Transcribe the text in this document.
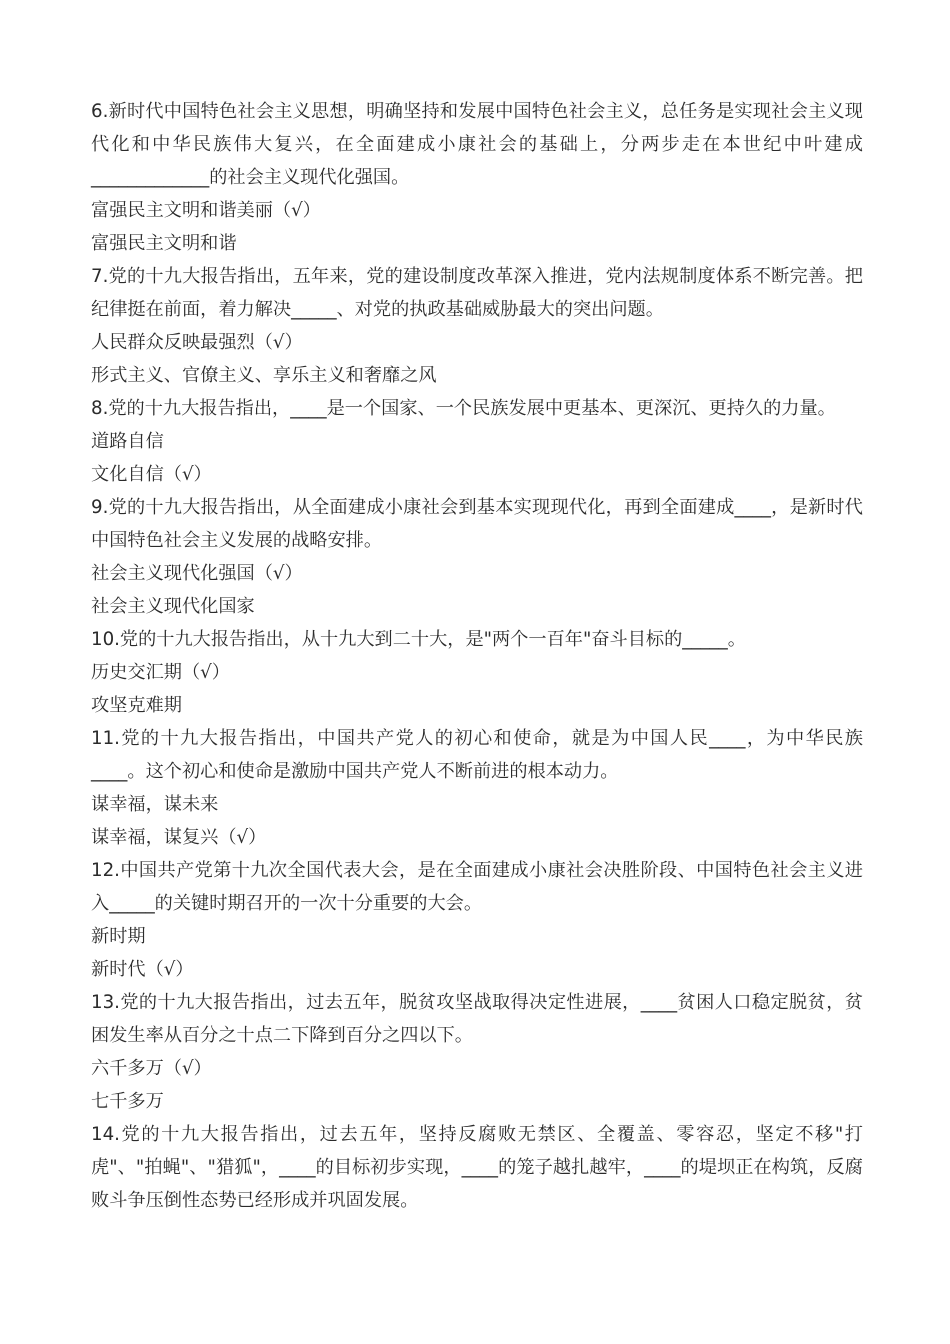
6.新时代中国特色社会主义思想，明确坚持和发展中国特色社会主义，总任务是实现社会主义现代化和中华民族伟大复兴，在全面建成小康社会的基础上，分两步走在本世纪中叶建成_____________的社会主义现代化强国。

富强民主文明和谐美丽（√）

富强民主文明和谐

7.党的十九大报告指出，五年来，党的建设制度改革深入推进，党内法规制度体系不断完善。把纪律挺在前面，着力解决_____、对党的执政基础威胁最大的突出问题。

人民群众反映最强烈（√）

形式主义、官僚主义、享乐主义和奢靡之风

8.党的十九大报告指出，____是一个国家、一个民族发展中更基本、更深沉、更持久的力量。

道路自信

文化自信（√）

9.党的十九大报告指出，从全面建成小康社会到基本实现现代化，再到全面建成____，是新时代中国特色社会主义发展的战略安排。

社会主义现代化强国（√）

社会主义现代化国家

10.党的十九大报告指出，从十九大到二十大，是"两个一百年"奋斗目标的_____。

历史交汇期（√）

攻坚克难期

11.党的十九大报告指出，中国共产党人的初心和使命，就是为中国人民____，为中华民族____。这个初心和使命是激励中国共产党人不断前进的根本动力。

谋幸福，谋未来

谋幸福，谋复兴（√）

12.中国共产党第十九次全国代表大会，是在全面建成小康社会决胜阶段、中国特色社会主义进入_____的关键时期召开的一次十分重要的大会。

新时期

新时代（√）

13.党的十九大报告指出，过去五年，脱贫攻坚战取得决定性进展，____贫困人口稳定脱贫，贫困发生率从百分之十点二下降到百分之四以下。

六千多万（√）

七千多万

14.党的十九大报告指出，过去五年，坚持反腐败无禁区、全覆盖、零容忍，坚定不移"打虎"、"拍蝇"、"猎狐"，____的目标初步实现，____的笼子越扎越牢，____的堤坝正在构筑，反腐败斗争压倒性态势已经形成并巩固发展。
